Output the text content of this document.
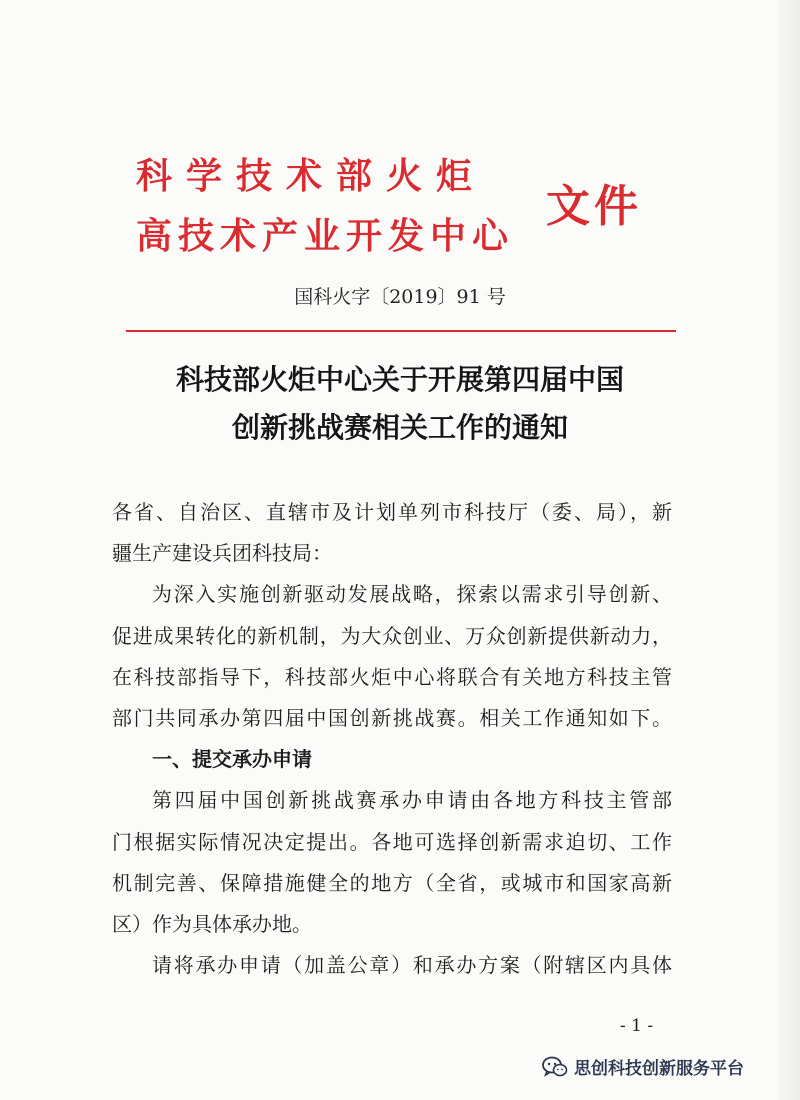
科学技术部火炬
高技术产业开发中心
文件
国科火字〔2019〕91 号
科技部火炬中心关于开展第四届中国
创新挑战赛相关工作的通知

各省、自治区、直辖市及计划单列市科技厅（委、局），新

疆生产建设兵团科技局：

为深入实施创新驱动发展战略，探索以需求引导创新、

促进成果转化的新机制，为大众创业、万众创新提供新动力，

在科技部指导下，科技部火炬中心将联合有关地方科技主管

部门共同承办第四届中国创新挑战赛。相关工作通知如下。

一、提交承办申请

第四届中国创新挑战赛承办申请由各地方科技主管部

门根据实际情况决定提出。各地可选择创新需求迫切、工作

机制完善、保障措施健全的地方（全省，或城市和国家高新

区）作为具体承办地。

请将承办申请（加盖公章）和承办方案（附辖区内具体

- 1 -
思创科技创新服务平台
